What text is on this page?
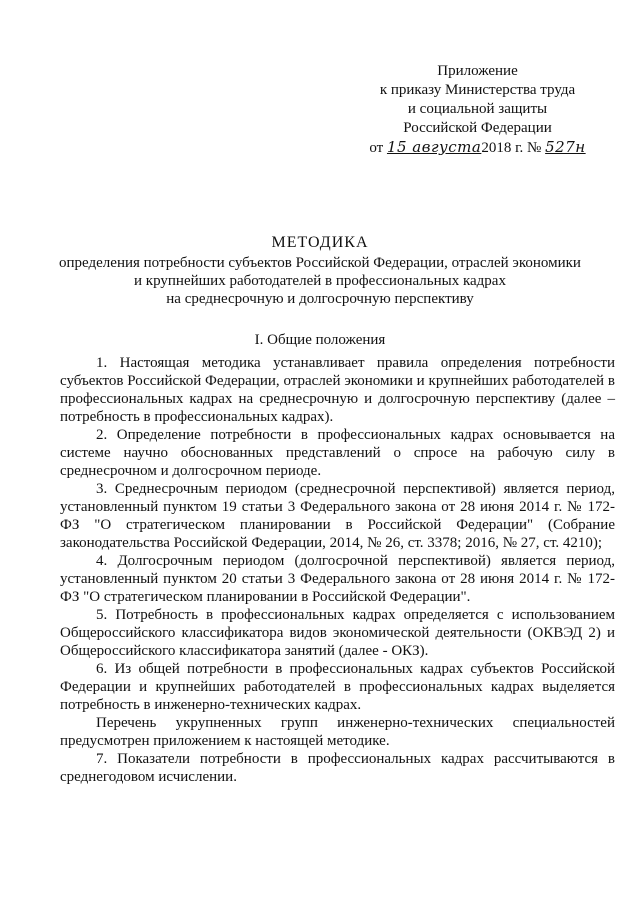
Приложение
к приказу Министерства труда
и социальной защиты
Российской Федерации
от 15 августа2018 г. № 527н
МЕТОДИКА
определения потребности субъектов Российской Федерации, отраслей экономики
и крупнейших работодателей в профессиональных кадрах
на среднесрочную и долгосрочную перспективу
I. Общие положения

1. Настоящая методика устанавливает правила определения потребности субъектов Российской Федерации, отраслей экономики и крупнейших работодателей в профессиональных кадрах на среднесрочную и долгосрочную перспективу (далее – потребность в профессиональных кадрах).

2. Определение потребности в профессиональных кадрах основывается на системе научно обоснованных представлений о спросе на рабочую силу в среднесрочном и долгосрочном периоде.

3. Среднесрочным периодом (среднесрочной перспективой) является период, установленный пунктом 19 статьи 3 Федерального закона от 28 июня 2014 г. № 172-ФЗ "О стратегическом планировании в Российской Федерации" (Собрание законодательства Российской Федерации, 2014, № 26, ст. 3378; 2016, № 27, ст. 4210);

4. Долгосрочным периодом (долгосрочной перспективой) является период, установленный пунктом 20 статьи 3 Федерального закона от 28 июня 2014 г. № 172-ФЗ "О стратегическом планировании в Российской Федерации".

5. Потребность в профессиональных кадрах определяется с использованием Общероссийского классификатора видов экономической деятельности (ОКВЭД 2) и Общероссийского классификатора занятий (далее - ОКЗ).

6. Из общей потребности в профессиональных кадрах субъектов Российской Федерации и крупнейших работодателей в профессиональных кадрах выделяется потребность в инженерно-технических кадрах.

Перечень укрупненных групп инженерно-технических специальностей предусмотрен приложением к настоящей методике.

7. Показатели потребности в профессиональных кадрах рассчитываются в среднегодовом исчислении.
